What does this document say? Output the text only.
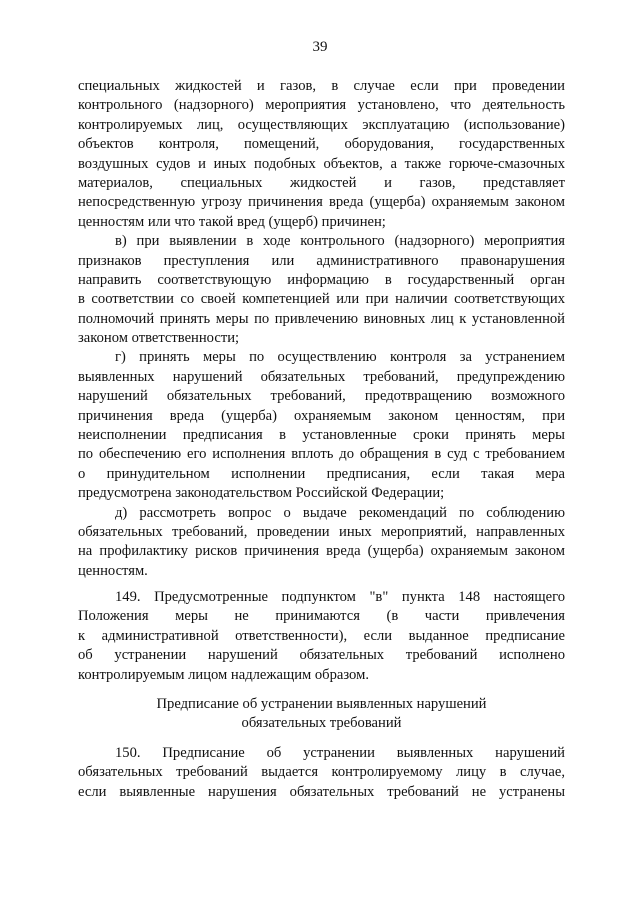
39
специальных жидкостей и газов, в случае если при проведении
контрольного (надзорного) мероприятия установлено, что деятельность
контролируемых лиц, осуществляющих эксплуатацию (использование)
объектов контроля, помещений, оборудования, государственных
воздушных судов и иных подобных объектов, а также горюче-смазочных
материалов, специальных жидкостей и газов, представляет
непосредственную угрозу причинения вреда (ущерба) охраняемым законом
ценностям или что такой вред (ущерб) причинен;
в) при выявлении в ходе контрольного (надзорного) мероприятия
признаков преступления или административного правонарушения
направить соответствующую информацию в государственный орган
в соответствии со своей компетенцией или при наличии соответствующих
полномочий принять меры по привлечению виновных лиц к установленной
законом ответственности;
г) принять меры по осуществлению контроля за устранением
выявленных нарушений обязательных требований, предупреждению
нарушений обязательных требований, предотвращению возможного
причинения вреда (ущерба) охраняемым законом ценностям, при
неисполнении предписания в установленные сроки принять меры
по обеспечению его исполнения вплоть до обращения в суд с требованием
о принудительном исполнении предписания, если такая мера
предусмотрена законодательством Российской Федерации;
д) рассмотреть вопрос о выдаче рекомендаций по соблюдению
обязательных требований, проведении иных мероприятий, направленных
на профилактику рисков причинения вреда (ущерба) охраняемым законом
ценностям.
149. Предусмотренные подпунктом "в" пункта 148 настоящего
Положения меры не принимаются (в части привлечения
к административной ответственности), если выданное предписание
об устранении нарушений обязательных требований исполнено
контролируемым лицом надлежащим образом.
Предписание об устранении выявленных нарушений
обязательных требований
150. Предписание об устранении выявленных нарушений
обязательных требований выдается контролируемому лицу в случае,
если выявленные нарушения обязательных требований не устранены
